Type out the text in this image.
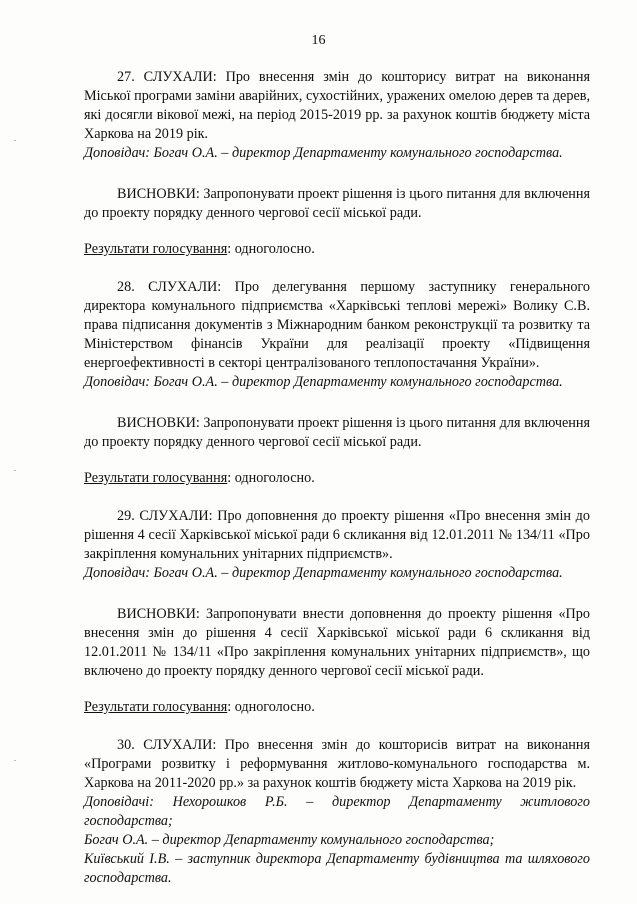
16

27. СЛУХАЛИ: Про внесення змін до кошторису витрат на виконання Міської програми заміни аварійних, сухостійних, уражених омелою дерев та дерев, які досягли вікової межі, на період 2015-2019 рр. за рахунок коштів бюджету міста Харкова на 2019 рік.

Доповідач: Богач О.А. – директор Департаменту комунального господарства.

ВИСНОВКИ: Запропонувати проект рішення із цього питання для включення до проекту порядку денного чергової сесії міської ради.

Результати голосування: одноголосно.

28. СЛУХАЛИ: Про делегування першому заступнику генерального директора комунального підприємства «Харківські теплові мережі» Волику С.В. права підписання документів з Міжнародним банком реконструкції та розвитку та Міністерством фінансів України для реалізації проекту «Підвищення енергоефективності в секторі централізованого теплопостачання України».

Доповідач: Богач О.А. – директор Департаменту комунального господарства.

ВИСНОВКИ: Запропонувати проект рішення із цього питання для включення до проекту порядку денного чергової сесії міської ради.

Результати голосування: одноголосно.

29. СЛУХАЛИ: Про доповнення до проекту рішення «Про внесення змін до рішення 4 сесії Харківської міської ради 6 скликання від 12.01.2011 № 134/11 «Про закріплення комунальних унітарних підприємств».

Доповідач: Богач О.А. – директор Департаменту комунального господарства.

ВИСНОВКИ: Запропонувати внести доповнення до проекту рішення «Про внесення змін до рішення 4 сесії Харківської міської ради 6 скликання від 12.01.2011 № 134/11 «Про закріплення комунальних унітарних підприємств», що включено до проекту порядку денного чергової сесії міської ради.

Результати голосування: одноголосно.

30. СЛУХАЛИ: Про внесення змін до кошторисів витрат на виконання «Програми розвитку і реформування житлово-комунального господарства м. Харкова на 2011-2020 рр.» за рахунок коштів бюджету міста Харкова на 2019 рік.

Доповідачі: Нехорошков Р.Б. – директор Департаменту житлового господарства;

Богач О.А. – директор Департаменту комунального господарства;

Київський І.В. – заступник директора Департаменту будівництва та шляхового господарства.
